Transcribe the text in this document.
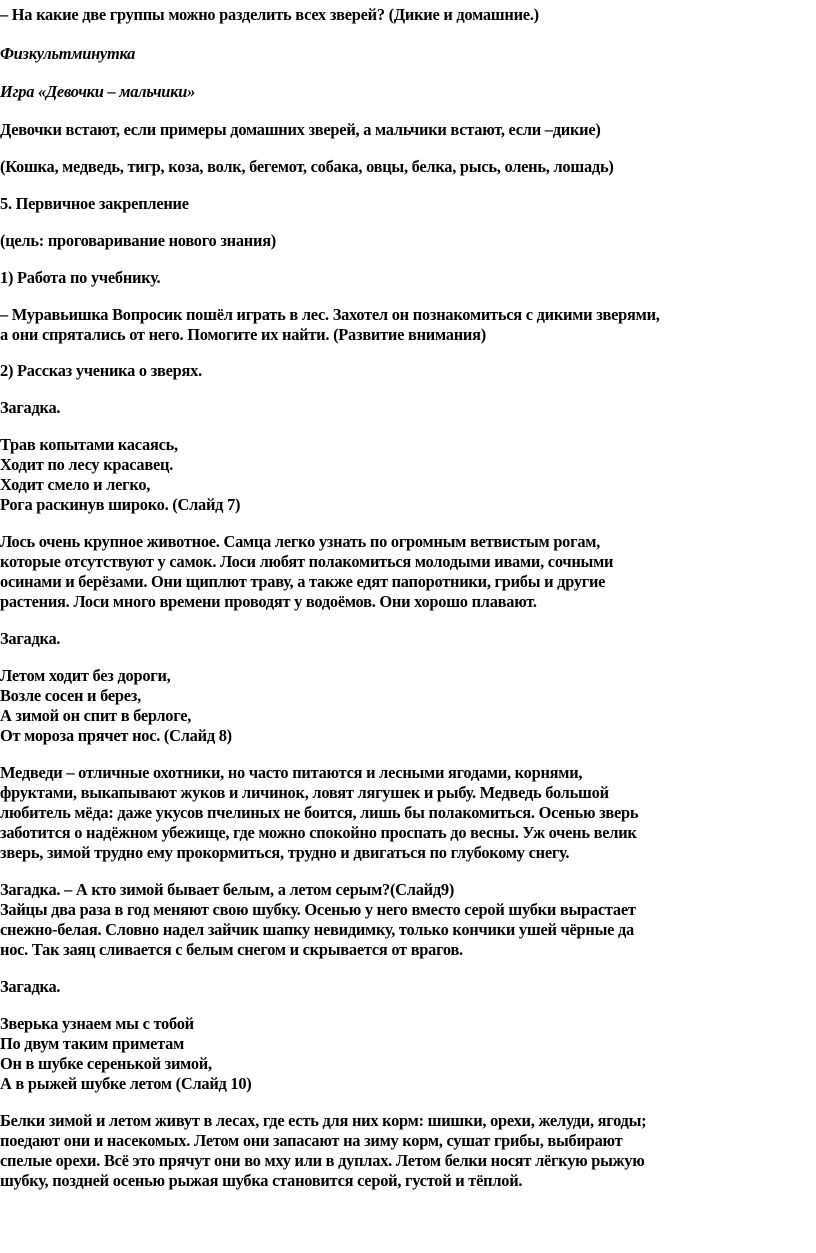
– На какие две группы можно разделить всех зверей? (Дикие и домашние.)

Физкультминутка

Игра «Девочки – мальчики»

Девочки встают, если примеры домашних зверей, а мальчики встают, если –дикие)

(Кошка, медведь, тигр, коза, волк, бегемот, собака, овцы, белка, рысь, олень, лошадь)

5. Первичное закрепление

(цель: проговаривание нового знания)

1) Работа по учебнику.

– Муравьишка Вопросик пошёл играть в лес. Захотел он познакомиться с дикими зверями,

а они спрятались от него. Помогите их найти. (Развитие внимания)

2) Рассказ ученика о зверях.

Загадка.

Трав копытами касаясь,

Ходит по лесу красавец.

Ходит смело и легко,

Рога раскинув широко. (Слайд 7)

Лось очень крупное животное. Самца легко узнать по огромным ветвистым рогам,

которые отсутствуют у самок. Лоси любят полакомиться молодыми ивами, сочными

осинами и берёзами. Они щиплют траву, а также едят папоротники, грибы и другие

растения. Лоси много времени проводят у водоёмов. Они хорошо плавают.

Загадка.

Летом ходит без дороги,

Возле сосен и берез,

А зимой он спит в берлоге,

От мороза прячет нос. (Слайд 8)

Медведи – отличные охотники, но часто питаются и лесными ягодами, корнями,

фруктами, выкапывают жуков и личинок, ловят лягушек и рыбу. Медведь большой

любитель мёда: даже укусов пчелиных не боится, лишь бы полакомиться. Осенью зверь

заботится о надёжном убежище, где можно спокойно проспать до весны. Уж очень велик

зверь, зимой трудно ему прокормиться, трудно и двигаться по глубокому снегу.

Загадка. – А кто зимой бывает белым, а летом серым?(Слайд9)

Зайцы два раза в год меняют свою шубку. Осенью у него вместо серой шубки вырастает

снежно-белая. Словно надел зайчик шапку невидимку, только кончики ушей чёрные да

нос. Так заяц сливается с белым снегом и скрывается от врагов.

Загадка.

Зверька узнаем мы с тобой

По двум таким приметам

Он в шубке серенькой зимой,

А в рыжей шубке летом (Слайд 10)

Белки зимой и летом живут в лесах, где есть для них корм: шишки, орехи, желуди, ягоды;

поедают они и насекомых. Летом они запасают на зиму корм, сушат грибы, выбирают

спелые орехи. Всё это прячут они во мху или в дуплах. Летом белки носят лёгкую рыжую

шубку, поздней осенью рыжая шубка становится серой, густой и тёплой.
